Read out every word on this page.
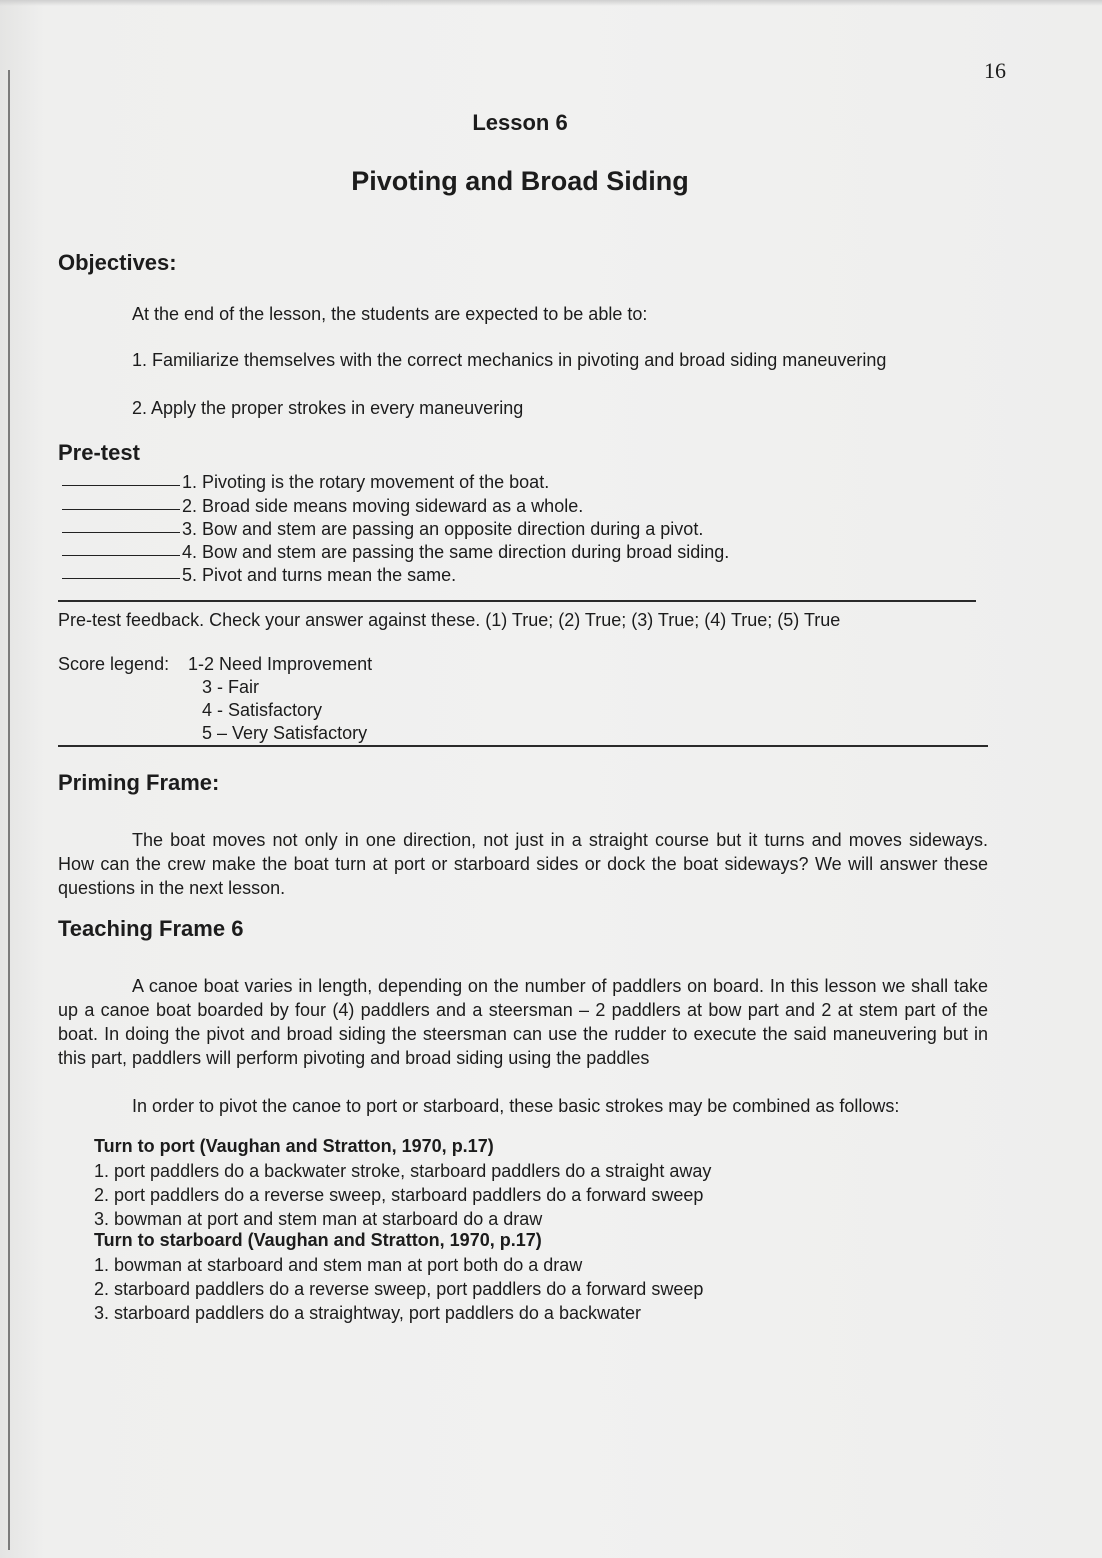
16
Lesson 6
Pivoting and Broad Siding
Objectives:
At the end of the lesson, the students are expected to be able to:
1. Familiarize themselves with the correct mechanics in pivoting and broad siding maneuvering
2. Apply the proper strokes in every maneuvering
Pre-test
1. Pivoting is the rotary movement of the boat.
2. Broad side means moving sideward as a whole.
3. Bow and stem are passing an opposite direction during a pivot.
4. Bow and stem are passing the same direction during broad siding.
5. Pivot and turns mean the same.
Pre-test feedback. Check your answer against these. (1) True; (2) True; (3) True; (4) True; (5) True
Score legend: 1-2 Need Improvement
3 - Fair
4 - Satisfactory
5 – Very Satisfactory
Priming Frame:
The boat moves not only in one direction, not just in a straight course but it turns and moves sideways. How can the crew make the boat turn at port or starboard sides or dock the boat sideways? We will answer these questions in the next lesson.
Teaching Frame 6
A canoe boat varies in length, depending on the number of paddlers on board. In this lesson we shall take up a canoe boat boarded by four (4) paddlers and a steersman – 2 paddlers at bow part and 2 at stem part of the boat. In doing the pivot and broad siding the steersman can use the rudder to execute the said maneuvering but in this part, paddlers will perform pivoting and broad siding using the paddles
In order to pivot the canoe to port or starboard, these basic strokes may be combined as follows:
Turn to port (Vaughan and Stratton, 1970, p.17)
1. port paddlers do a backwater stroke, starboard paddlers do a straight away
2. port paddlers do a reverse sweep, starboard paddlers do a forward sweep
3. bowman at port and stem man at starboard do a draw
Turn to starboard (Vaughan and Stratton, 1970, p.17)
1. bowman at starboard and stem man at port both do a draw
2. starboard paddlers do a reverse sweep, port paddlers do a forward sweep
3. starboard paddlers do a straightway, port paddlers do a backwater
